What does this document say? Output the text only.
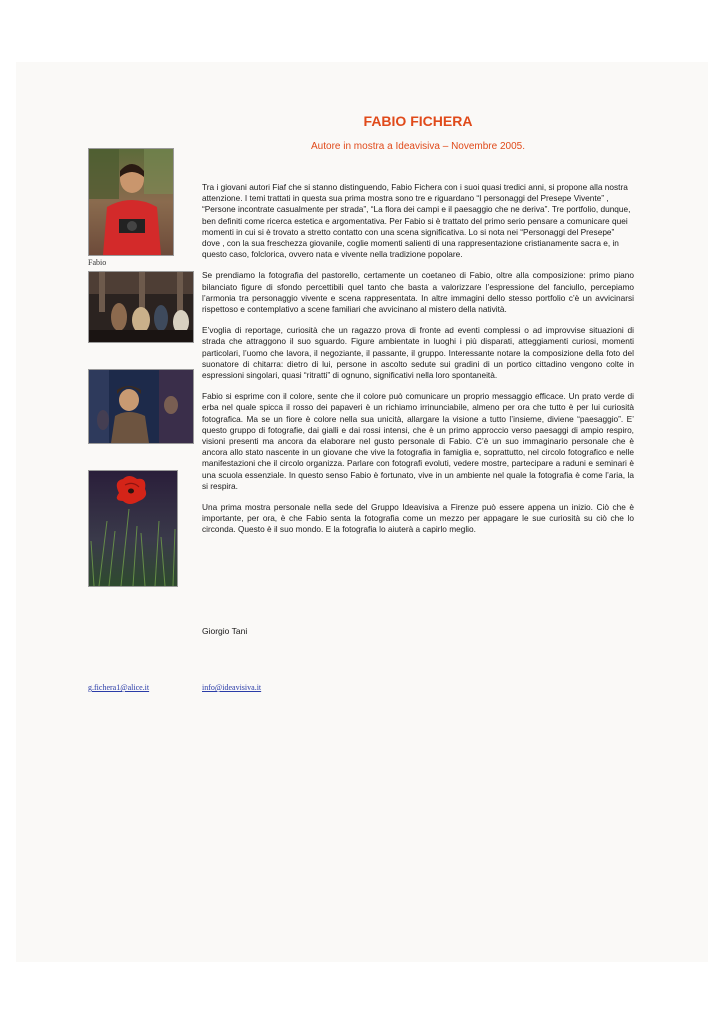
Fabio
FABIO FICHERA
Autore in mostra a Ideavisiva – Novembre 2005.

Tra i giovani autori Fiaf che si stanno distinguendo, Fabio Fichera con i suoi quasi tredici anni, si propone alla nostra attenzione. I temi trattati in questa sua prima mostra sono tre e riguardano “I personaggi del Presepe Vivente” , “Persone incontrate casualmente per strada”, “La flora dei campi e il paesaggio che ne deriva”. Tre portfolio, dunque, ben definiti come ricerca estetica e argomentativa. Per Fabio si è trattato del primo serio pensare a comunicare quei momenti in cui si è trovato a stretto contatto con una scena significativa. Lo si nota nei “Personaggi del Presepe” dove , con la sua freschezza giovanile, coglie momenti salienti di una rappresentazione cristianamente sacra e, in questo caso, folclorica, ovvero nata e vivente nella tradizione popolare.

Se prendiamo la fotografia del pastorello, certamente un coetaneo di Fabio, oltre alla composizione: primo piano bilanciato figure di sfondo percettibili quel tanto che basta a valorizzare l’espressione del fanciullo, percepiamo l’armonia tra personaggio vivente e scena rappresentata. In altre immagini dello stesso portfolio c’è un avvicinarsi rispettoso e contemplativo a scene familiari che avvicinano al mistero della natività.

E’voglia di reportage, curiosità che un ragazzo prova di fronte ad eventi complessi o ad improvvise situazioni di strada che attraggono il suo sguardo. Figure ambientate in luoghi i più disparati, atteggiamenti curiosi, momenti particolari, l’uomo che lavora, il negoziante, il passante, il gruppo. Interessante notare la composizione della foto del suonatore di chitarra: dietro di lui, persone in ascolto sedute sui gradini di un portico cittadino vengono colte in espressioni singolari, quasi “ritratti” di ognuno, significativi nella loro spontaneità.

Fabio si esprime con il colore, sente che il colore può comunicare un proprio messaggio efficace. Un prato verde di erba nel quale spicca il rosso dei papaveri è un richiamo irrinunciabile, almeno per ora che tutto è per lui curiosità fotografica. Ma se un fiore è colore nella sua unicità, allargare la visione a tutto l’insieme, diviene “paesaggio”. E’ questo gruppo di fotografie, dai gialli e dai rossi intensi, che è un primo approccio verso paesaggi di ampio respiro, visioni presenti ma ancora da elaborare nel gusto personale di Fabio. C’è un suo immaginario personale che è ancora allo stato nascente in un giovane che vive la fotografia in famiglia e, soprattutto, nel circolo fotografico e nelle manifestazioni che il circolo organizza. Parlare con fotografi evoluti, vedere mostre, partecipare a raduni e seminari è una scuola essenziale. In questo senso Fabio è fortunato, vive in un ambiente nel quale la fotografia è come l’aria, la si respira.

Una prima mostra personale nella sede del Gruppo Ideavisiva a Firenze può essere appena un inizio. Ciò che è importante, per ora, è che Fabio senta la fotografia come un mezzo per appagare le sue curiosità su ciò che lo circonda. Questo è il suo mondo. E la fotografia lo aiuterà a capirlo meglio.

Giorgio Tani
g.fichera1@alice.it	info@ideavisiva.it
